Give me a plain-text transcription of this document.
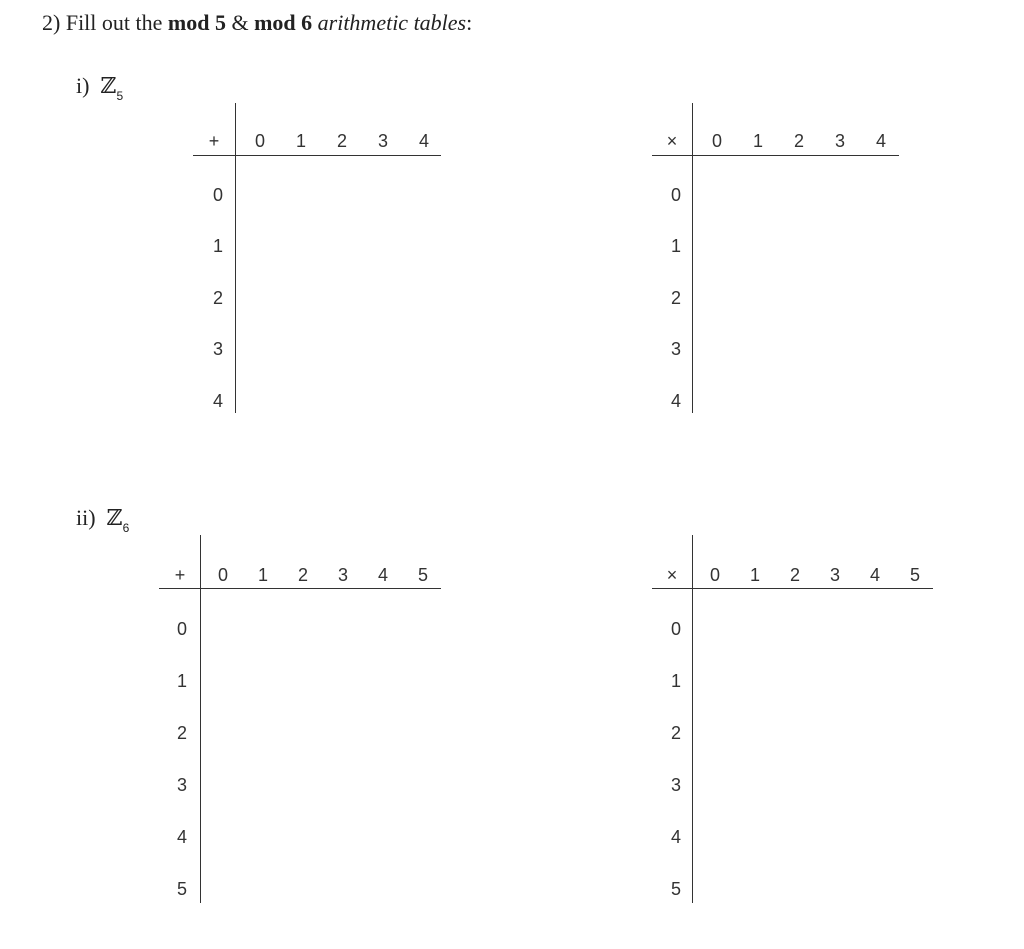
2) Fill out the mod 5 & mod 6 arithmetic tables:
i) ℤ$_5$
ii) ℤ$_6$
+	0	1	2	3	4
0
1
2
3
4
×	0	1	2	3	4
0
1
2
3
4
+	0	1	2	3	4	5
0
1
2
3
4
5
×	0	1	2	3	4	5
0
1
2
3
4
5
